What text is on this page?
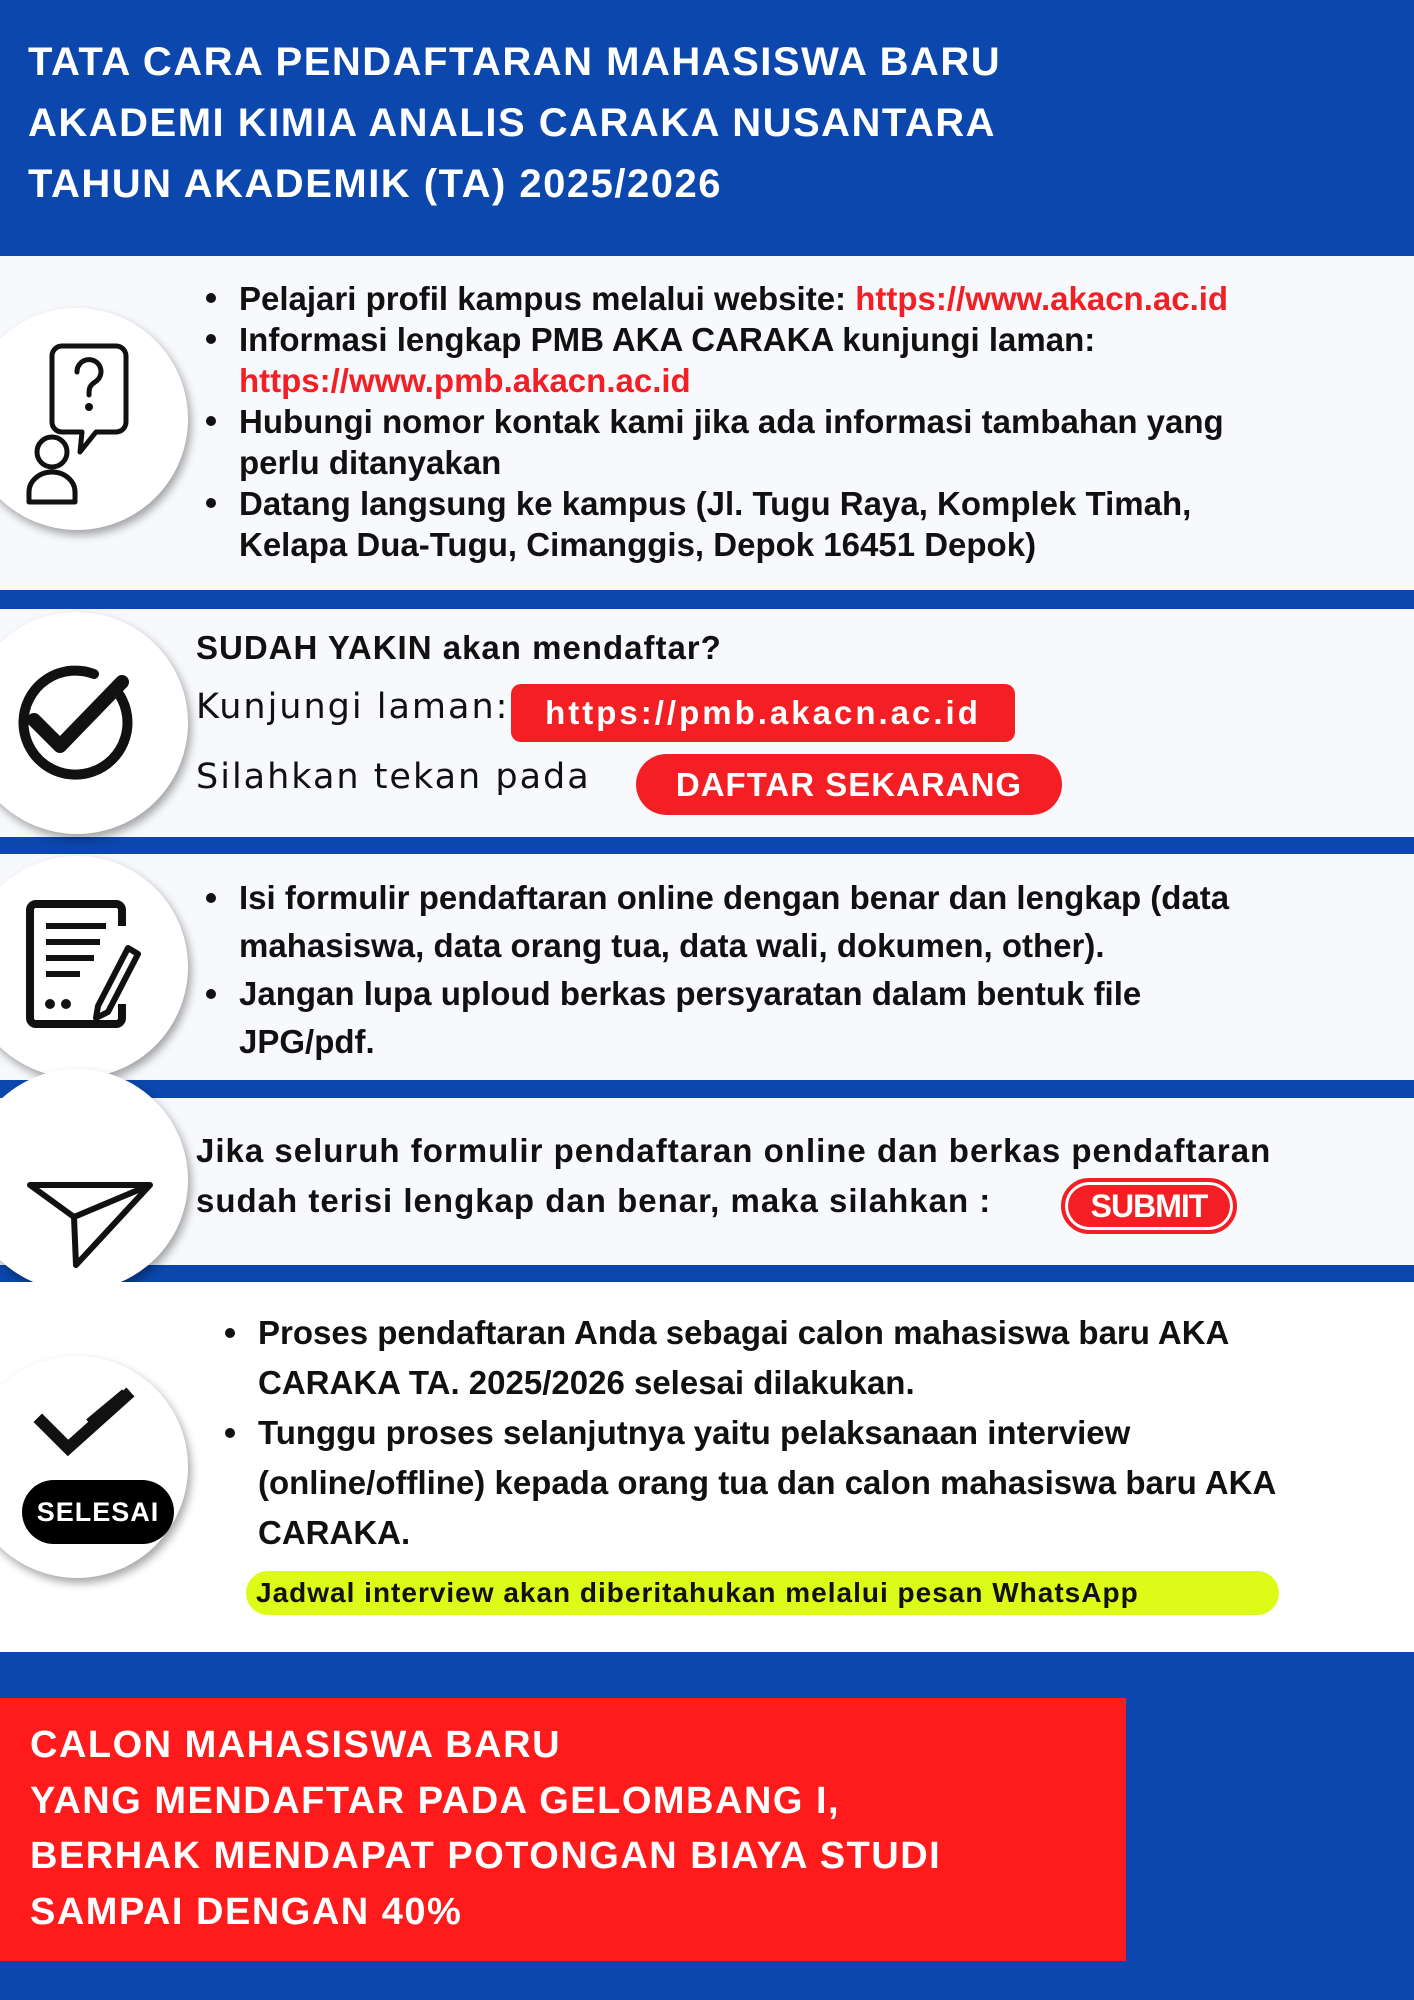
TATA CARA PENDAFTARAN MAHASISWA BARU
AKADEMI KIMIA ANALIS CARAKA NUSANTARA
TAHUN AKADEMIK (TA) 2025/2026
Pelajari profil kampus melalui website: https://www.akacn.ac.id
Informasi lengkap PMB AKA CARAKA kunjungi laman:
https://www.pmb.akacn.ac.id
Hubungi nomor kontak kami jika ada informasi tambahan yang
perlu ditanyakan
Datang langsung ke kampus (Jl. Tugu Raya, Komplek Timah,
Kelapa Dua-Tugu, Cimanggis, Depok 16451 Depok)
SUDAH YAKIN akan mendaftar?
Kunjungi laman:	https://pmb.akacn.ac.id
Silahkan tekan pada	DAFTAR SEKARANG
Isi formulir pendaftaran online dengan benar dan lengkap (data
mahasiswa, data orang tua, data wali, dokumen, other).
Jangan lupa uploud berkas persyaratan dalam bentuk file
JPG/pdf.
Jika seluruh formulir pendaftaran online dan berkas pendaftaran
sudah terisi lengkap dan benar, maka silahkan :	SUBMIT
SELESAI
Proses pendaftaran Anda sebagai calon mahasiswa baru AKA
CARAKA TA. 2025/2026 selesai dilakukan.
Tunggu proses selanjutnya yaitu pelaksanaan interview
(online/offline) kepada orang tua dan calon mahasiswa baru AKA
CARAKA.
Jadwal interview akan diberitahukan melalui pesan WhatsApp
CALON MAHASISWA BARU
YANG MENDAFTAR PADA GELOMBANG I,
BERHAK MENDAPAT POTONGAN BIAYA STUDI
SAMPAI DENGAN 40%
